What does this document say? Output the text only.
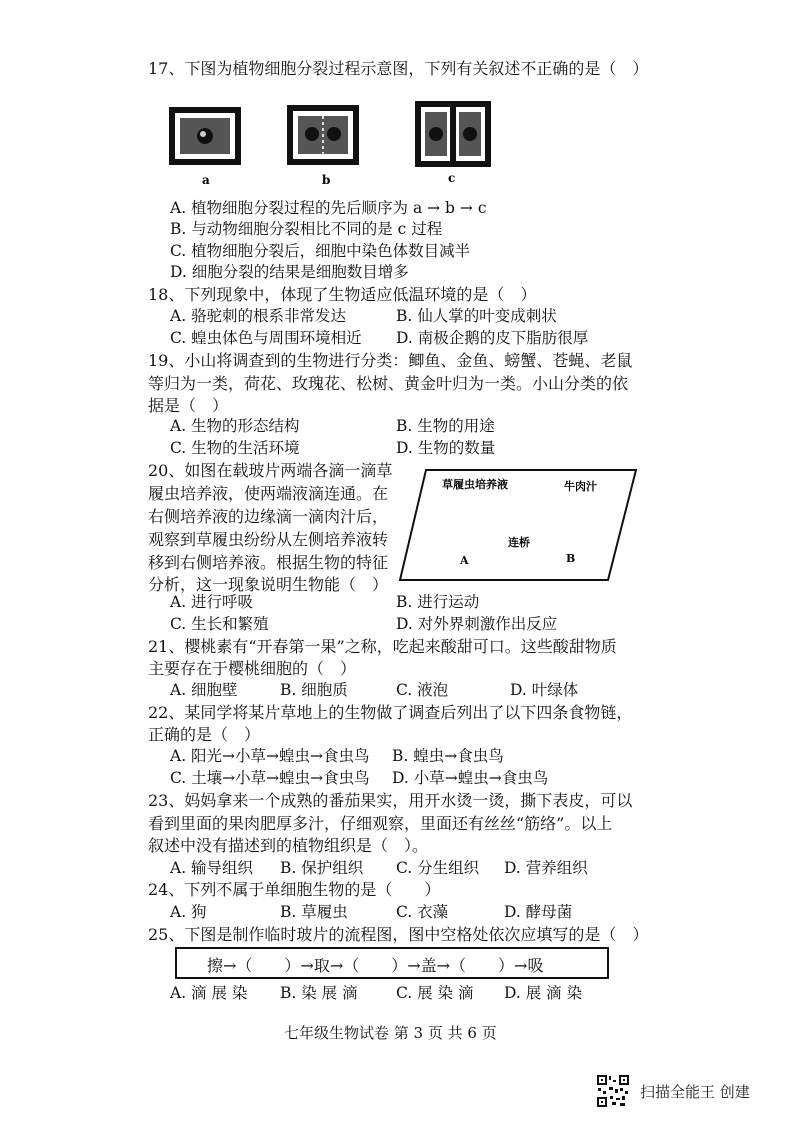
17、下图为植物细胞分裂过程示意图，下列有关叙述不正确的是（　）
a	b	c
A. 植物细胞分裂过程的先后顺序为 a → b → c
B. 与动物细胞分裂相比不同的是 c 过程
C. 植物细胞分裂后，细胞中染色体数目减半
D. 细胞分裂的结果是细胞数目增多
18、下列现象中，体现了生物适应低温环境的是（　）
A. 骆驼刺的根系非常发达	B. 仙人掌的叶变成刺状
C. 蝗虫体色与周围环境相近 D. 南极企鹅的皮下脂肪很厚
19、小山将调查到的生物进行分类：鲫鱼、金鱼、螃蟹、苍蝇、老鼠
等归为一类，荷花、玫瑰花、松树、黄金叶归为一类。小山分类的依
据是（　）
A. 生物的形态结构	B. 生物的用途
C. 生物的生活环境	D. 生物的数量
20、如图在载玻片两端各滴一滴草
履虫培养液，使两端液滴连通。在
右侧培养液的边缘滴一滴肉汁后，
观察到草履虫纷纷从左侧培养液转
移到右侧培养液。根据生物的特征
分析，这一现象说明生物能（　）
草履虫培养液	牛肉汁
连桥
A	B
A. 进行呼吸	B. 进行运动
C. 生长和繁殖	D. 对外界刺激作出反应
21、樱桃素有“开春第一果”之称，吃起来酸甜可口。这些酸甜物质
主要存在于樱桃细胞的（　）
A. 细胞壁	B. 细胞质	C. 液泡	D. 叶绿体
22、某同学将某片草地上的生物做了调查后列出了以下四条食物链，
正确的是（　）
A. 阳光→小草→蝗虫→食虫鸟 B. 蝗虫→食虫鸟
C. 土壤→小草→蝗虫→食虫鸟 D. 小草→蝗虫→食虫鸟
23、妈妈拿来一个成熟的番茄果实，用开水烫一烫，撕下表皮，可以
看到里面的果肉肥厚多汁，仔细观察，里面还有丝丝“筋络”。以上
叙述中没有描述到的植物组织是（　）。
A. 输导组织 B. 保护组织 C. 分生组织 D. 营养组织
24、下列不属于单细胞生物的是（　　）
A. 狗	B. 草履虫	C. 衣藻	D. 酵母菌
25、下图是制作临时玻片的流程图，图中空格处依次应填写的是（　）
擦→（　　）→取→（　　）→盖→（　　）→吸
A. 滴 展 染 B. 染 展 滴 C. 展 染 滴 D. 展 滴 染
七年级生物试卷 第 3 页 共 6 页
扫描全能王 创建
